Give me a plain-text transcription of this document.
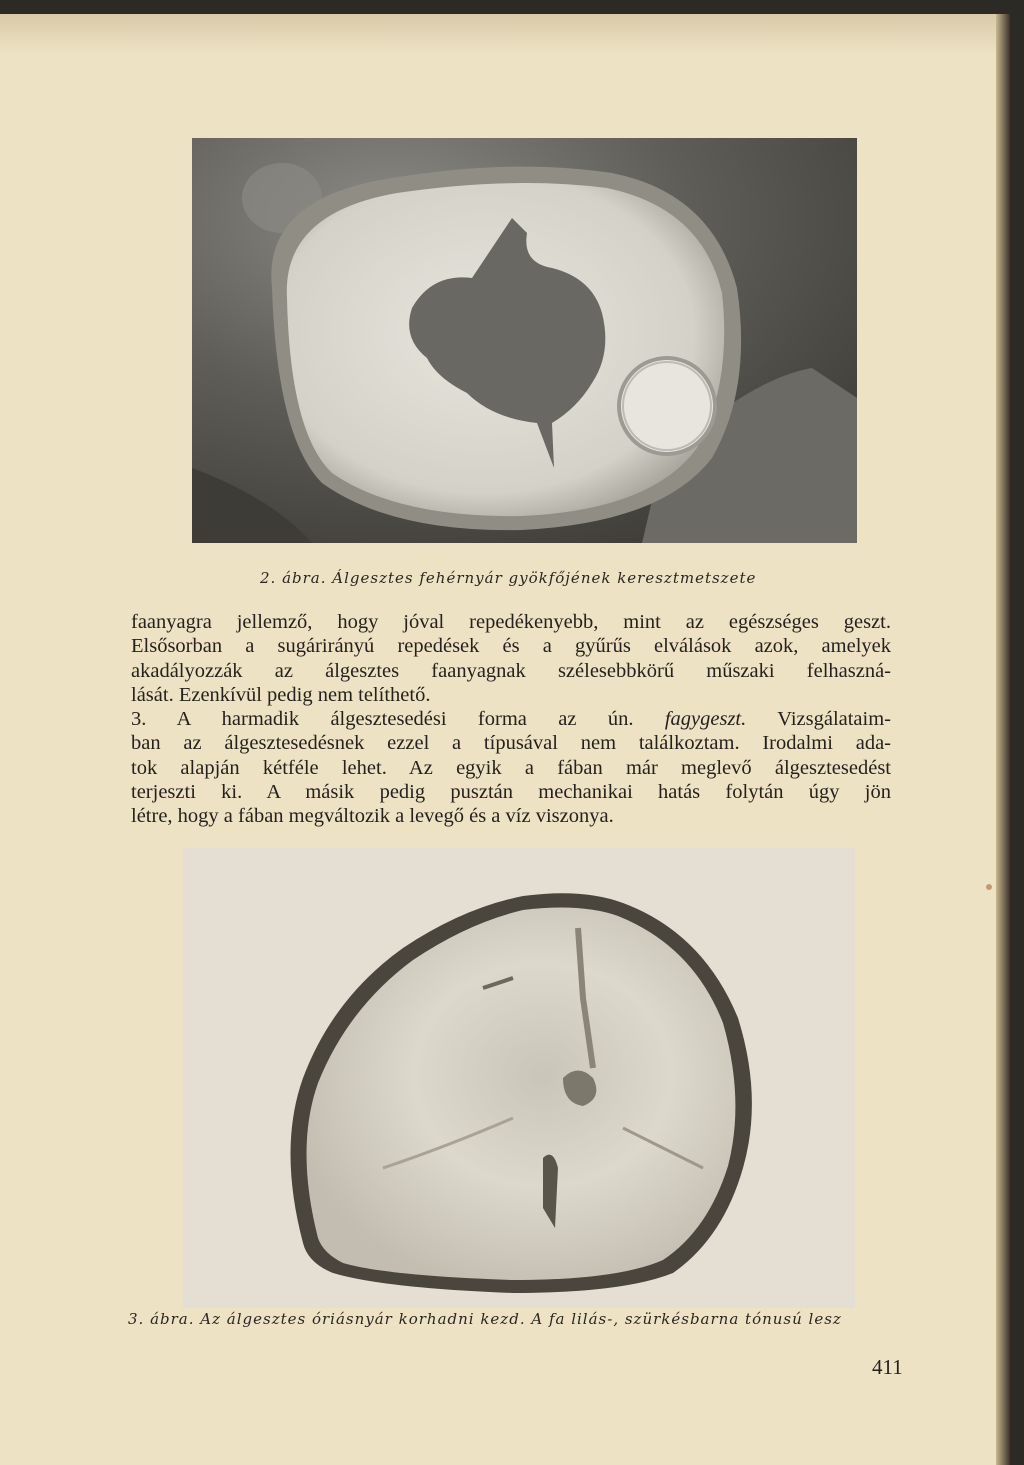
2. ábra. Álgesztes fehérnyár gyökfőjének keresztmetszete
faanyagra jellemző, hogy jóval repedékenyebb, mint az egészséges geszt.
Elsősorban a sugárirányú repedések és a gyűrűs elválások azok, amelyek
akadályozzák az álgesztes faanyagnak szélesebbkörű műszaki felhaszná-
lását. Ezenkívül pedig nem telíthető.
3. A harmadik álgesztesedési forma az ún. fagygeszt. Vizsgálataim-
ban az álgesztesedésnek ezzel a típusával nem találkoztam. Irodalmi ada-
tok alapján kétféle lehet. Az egyik a fában már meglevő álgesztesedést
terjeszti ki. A másik pedig pusztán mechanikai hatás folytán úgy jön
létre, hogy a fában megváltozik a levegő és a víz viszonya.
3. ábra. Az álgesztes óriásnyár korhadni kezd. A fa lilás-, szürkésbarna tónusú lesz
411
